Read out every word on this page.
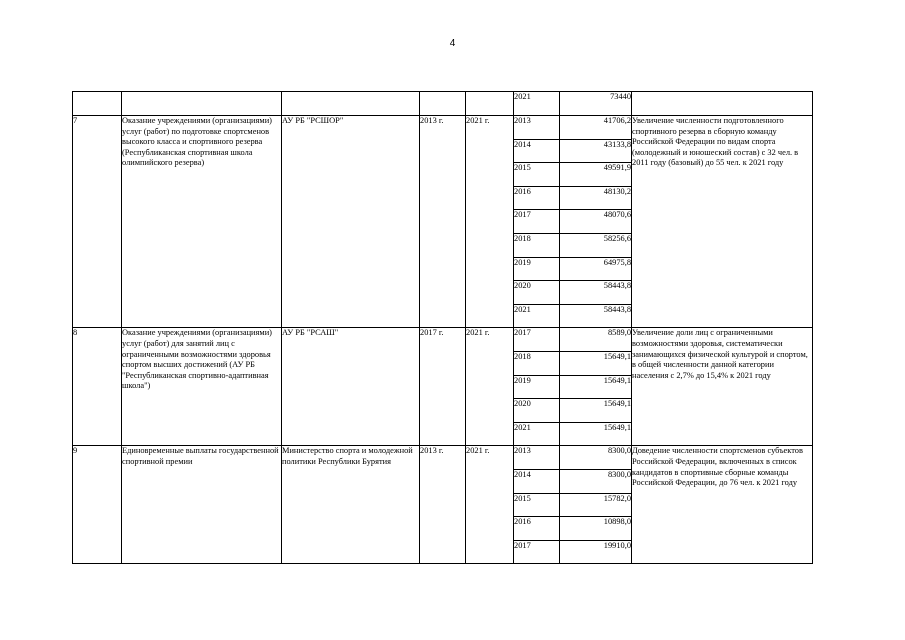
4
					2021	73440	
7	Оказание учреждениями (организациями) услуг (работ) по подготовке спортсменов высокого класса и спортивного резерва (Республиканская спортивная школа олимпийского резерва)	АУ РБ "РСШОР"	2013 г.	2021 г.	2013	41706,2	Увеличение численности подготовленного спортивного резерва в сборную команду Российской Федерации по видам спорта (молодежный и юношеский состав) с 32 чел. в 2011 году (базовый) до 55 чел. к 2021 году
					2014	43133,8	
					2015	49591,9	
					2016	48130,2	
					2017	48070,6	
					2018	58256,6	
					2019	64975,8	
					2020	58443,8	
					2021	58443,8	
8	Оказание учреждениями (организациями) услуг (работ) для занятий лиц с ограниченными возможностями здоровья спортом высших достижений (АУ РБ "Республиканская спортивно-адаптивная школа")	АУ РБ "РСАШ"	2017 г.	2021 г.	2017	8589,0	Увеличение доли лиц с ограниченными возможностями здоровья, систематически занимающихся физической культурой и спортом, в общей численности данной категории населения с 2,7% до 15,4% к 2021 году
					2018	15649,1	
					2019	15649,1	
					2020	15649,1	
					2021	15649,1	
9	Единовременные выплаты государственной спортивной премии	Министерство спорта и молодежной политики Республики Бурятия	2013 г.	2021 г.	2013	8300,0	Доведение численности спортсменов субъектов Российской Федерации, включенных в список кандидатов в спортивные сборные команды Российской Федерации, до 76 чел. к 2021 году
					2014	8300,0	
					2015	15782,0	
					2016	10898,0	
					2017	19910,0	
